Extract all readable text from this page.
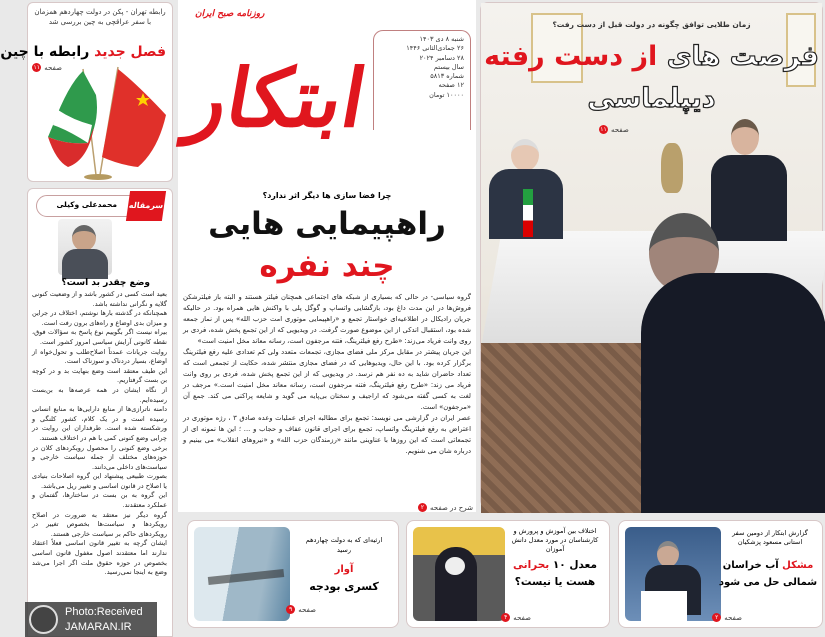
رابطه تهران - پکن در دولت چهاردهم همزمان با سفر عراقچی به چین بررسی شد
فصل جدید رابطه با چین
صفحه
۱۱
سرمقاله
محمدعلی وکیلی
وضع چقدر بد است؟

بعید است کسی در کشور باشد و از وضعیت کنونی گلایه و نگرانی نداشته باشد.

همچنانکه در گذشته بارها نوشتم، اختلاف در جراین و میزان بدی اوضاع و راه‌های برون رفت است.

بیراه نیست اگر بگوییم نوع پاسخ به سؤالات فوق، نقطه کانونی آرایش سیاسی امروز کشور است.

روایت جریانات عمدتاً اصلاح‌طلب و تحول‌خواه از اوضاع، بسیار دردناک و سوزناک است.

این طیف معتقد است وضع بنهایت بد و در کوچه بن بست گرفتاریم.

از نگاه ایشان در همه عرصه‌ها به بن‌بست رسیده‌ایم.

دامنه ناترازی‌ها از منابع دارایی‌ها به منابع انسانی رسیده است و در یک کلام، کشور کلنگی و ورشکسته شده است. طرفداران این روایت در چرایی وضع کنونی کمی با هم در اختلاف هستند.

برخی وضع کنونی را محصول رویکردهای کلان در حوزه‌های مختلف از جمله سیاست خارجی و سیاست‌های داخلی می‌دانند.

بصورت طبیعی پیشنهاد این گروه اصلاحات بنیادی یا اصلاح در قانون اساسی و تغییر ریل می‌باشد.

این گروه به بن بست در ساختارها، گفتمان و عملکرد معتقدند.

گروه دیگر نیز معتقد به ضرورت در اصلاح رویکردها و سیاست‌ها بخصوص تغییر در رویکردهای حاکم بر سیاست خارجی هستند.

ایشان گرچه به تغییر قانون اساسی فعلاً اعتقاد ندارند اما معتقدند اصول مغفول قانون اساسی بخصوص در حوزه حقوق ملت اگر اجرا می‌شد وضع به اینجا نمی‌رسید.

روزنامه صبح ایران
ابتکار
شنبه ۸ دی ۱۴۰۳
۲۶ جمادی‌الثانی ۱۴۴۶
۲۸ دسامبر ۲۰۲۴
سال بیستم
شماره ۵۸۱۳
۱۲ صفحه
۱۰۰۰۰ تومان
چرا فضا سازی ها دیگر اثر ندارد؟
راهپیمایی هایی
چند نفره

گروه سیاسی- در حالی که بسیاری از شبکه های اجتماعی همچنان فیلتر هستند و البته باز فیلترشکن فروش‌ها در این مدت داغ بود، بازگشایی واتساپ و گوگل پلی با واکنش هایی همراه بود. در حالیکه جریان رادیکال در اطلاعیه‌ای خواستار تجمع و «راهپیمایی موتوری امت حزب الله» پس از نماز جمعه شده بود، استقبال اندکی از این موضوع صورت گرفت. در ویدیویی که از این تجمع پخش شده، فردی بر روی وانت فریاد می‌زند: «طرح رفع فیلترینگ، فتنه مرجفون است، رسانه معاند مخل امنیت است»

این جریان پیشتر در مقابل مرکز ملی فضای مجازی، تجمعات متعدد ولی کم تعدادی علیه رفع فیلترینگ برگزار کرده بود. با این حال، ویدیوهایی که در فضای مجازی منتشر شده، حکایت از تجمعی است که تعداد حاضران شاید به ده نفر هم نرسد. در ویدیویی که از این تجمع پخش شده، فردی بر روی وانت فریاد می زند: «طرح رفع فیلترینگ، فتنه مرجفون است، رسانه معاند مخل امنیت است.» مرجف در لغت به کسی گفته می‌شود که اراجیف و سخنان بی‌پایه می گوید و شایعه پراکنی می کند. جمع آن «مرجفون» است.

عصر ایران در گزارشی می نویسد: تجمع برای مطالبه اجرای عملیات وعده صادق ۳ ، رژه موتوری در اعتراض به رفع فیلترینگ واتساپ، تجمع برای اجرای قانون عفاف و حجاب و ... ؛ این ها نمونه ای از تجمعاتی است که این روزها با عناوینی مانند «رزمندگان حزب الله» و «نیروهای انقلاب» می بینیم و درباره شان می شنویم.

شرح در صفحه
۲
زمان طلایی توافق چگونه در دولت قبل از دست رفت؟
فرصت های از دست رفته
دیپلماسی
صفحه
۱۱
اختلاف بین آموزش و پرورش و کارشناسان در مورد معدل دانش آموزان
معدل ۱۰ بحرانی هست یا نیست؟
صفحه
۴
گزارش ابتکار از دومین سفر استانی مسعود پزشکیان
مشکل آب خراسان شمالی حل می شود
صفحه
۲
ارثیه‌ای که به دولت چهاردهم رسید
آوار
کسری بودجه
صفحه
۹
Photo:Received
JAMARAN.IR
